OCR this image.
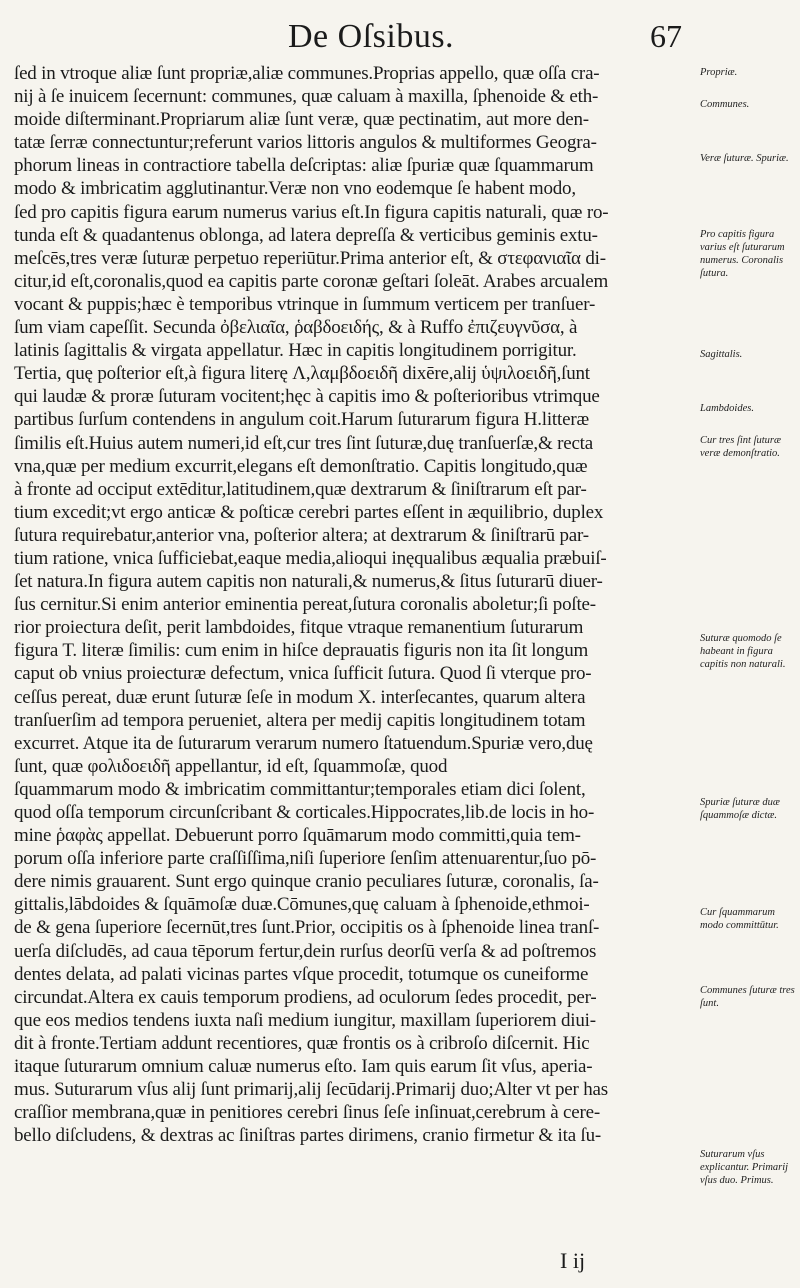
De Oſsibus.	67
ſed in vtroque aliæ ſunt propriæ,aliæ communes.Proprias appello, quæ oſſa cra-
nij à ſe inuicem ſecernunt: communes, quæ caluam à maxilla, ſphenoide & eth-
moide diſterminant.Propriarum aliæ ſunt veræ, quæ pectinatim, aut more den-
tatæ ſerræ connectuntur;referunt varios littoris angulos & multiformes Geogra-
phorum lineas in contractiore tabella deſcriptas: aliæ ſpuriæ quæ ſquammarum
modo & imbricatim agglutinantur.Veræ non vno eodemque ſe habent modo,
ſed pro capitis figura earum numerus varius eſt.In figura capitis naturali, quæ ro-
tunda eſt & quadantenus oblonga, ad latera depreſſa & verticibus geminis extu-
meſcēs,tres veræ ſuturæ perpetuo reperiūtur.Prima anterior eſt, & στεφανιαῖα di-
citur,id eſt,coronalis,quod ea capitis parte coronæ geſtari ſoleāt. Arabes arcualem
vocant & puppis;hæc è temporibus vtrinque in ſummum verticem per tranſuer-
ſum viam capeſſit. Secunda ὀβελιαῖα, ῥαβδοειδής, & à Ruffo ἐπιζευγνῦσα, à
latinis ſagittalis & virgata appellatur. Hæc in capitis longitudinem porrigitur.
Tertia, quę poſterior eſt,à figura literę Λ,λαμβδοειδῆ dixēre,alij ὑψιλοειδῆ,ſunt
qui laudæ & proræ ſuturam vocitent;hęc à capitis imo & poſterioribus vtrimque
partibus ſurſum contendens in angulum coit.Harum ſuturarum figura H.litteræ
ſimilis eſt.Huius autem numeri,id eſt,cur tres ſint ſuturæ,duę tranſuerſæ,& recta
vna,quæ per medium excurrit,elegans eſt demonſtratio. Capitis longitudo,quæ
à fronte ad occiput extēditur,latitudinem,quæ dextrarum & ſiniſtrarum eſt par-
tium excedit;vt ergo anticæ & poſticæ cerebri partes eſſent in æquilibrio, duplex
ſutura requirebatur,anterior vna, poſterior altera; at dextrarum & ſiniſtrarū par-
tium ratione, vnica ſufficiebat,eaque media,alioqui inęqualibus æqualia præbuiſ-
ſet natura.In figura autem capitis non naturali,& numerus,& ſitus ſuturarū diuer-
ſus cernitur.Si enim anterior eminentia pereat,ſutura coronalis aboletur;ſi poſte-
rior proiectura deſit, perit lambdoides, fitque vtraque remanentium ſuturarum
figura T. literæ ſimilis: cum enim in hiſce deprauatis figuris non ita ſit longum
caput ob vnius proiecturæ defectum, vnica ſufficit ſutura. Quod ſi vterque pro-
ceſſus pereat, duæ erunt ſuturæ ſeſe in modum X. interſecantes, quarum altera
tranſuerſim ad tempora perueniet, altera per medij capitis longitudinem totam
excurret. Atque ita de ſuturarum verarum numero ſtatuendum.Spuriæ vero,duę
ſunt, quæ φολιδοειδῆ appellantur, id eſt, ſquammoſæ, quod
ſquammarum modo & imbricatim committantur;temporales etiam dici ſolent,
quod oſſa temporum circunſcribant & corticales.Hippocrates,lib.de locis in ho-
mine ῥαφὰς appellat. Debuerunt porro ſquāmarum modo committi,quia tem-
porum oſſa inferiore parte craſſiſſima,niſi ſuperiore ſenſim attenuarentur,ſuo pō-
dere nimis grauarent. Sunt ergo quinque cranio peculiares ſuturæ, coronalis, ſa-
gittalis,lābdoides & ſquāmoſæ duæ.Cōmunes,quę caluam à ſphenoide,ethmoi-
de & gena ſuperiore ſecernūt,tres ſunt.Prior, occipitis os à ſphenoide linea tranſ-
uerſa diſcludēs, ad caua tēporum fertur,dein rurſus deorſū verſa & ad poſtremos
dentes delata, ad palati vicinas partes vſque procedit, totumque os cuneiforme
circundat.Altera ex cauis temporum prodiens, ad oculorum ſedes procedit, per-
que eos medios tendens iuxta naſi medium iungitur, maxillam ſuperiorem diui-
dit à fronte.Tertiam addunt recentiores, quæ frontis os à cribroſo diſcernit. Hic
itaque ſuturarum omnium caluæ numerus eſto. Iam quis earum ſit vſus, aperia-
mus. Suturarum vſus alij ſunt primarij,alij ſecūdarij.Primarij duo;Alter vt per has
craſſior membrana,quæ in penitiores cerebri ſinus ſeſe inſinuat,cerebrum à cere-
bello diſcludens, & dextras ac ſiniſtras partes dirimens, cranio firmetur & ita ſu-
Propriæ.
Communes.
Veræ ſuturæ. Spuriæ.
Pro capitis figura varius eſt ſuturarum numerus. Coronalis ſutura.
Sagittalis.
Lambdoides.
Cur tres ſint ſuturæ veræ demonſtratio.
Suturæ quomodo ſe habeant in figura capitis non naturali.
Spuriæ ſuturæ duæ ſquammoſæ dictæ.
Cur ſquammarum modo committūtur.
Communes ſuturæ tres ſunt.
Suturarum vſus explicantur. Primarij vſus duo. Primus.
I ij
